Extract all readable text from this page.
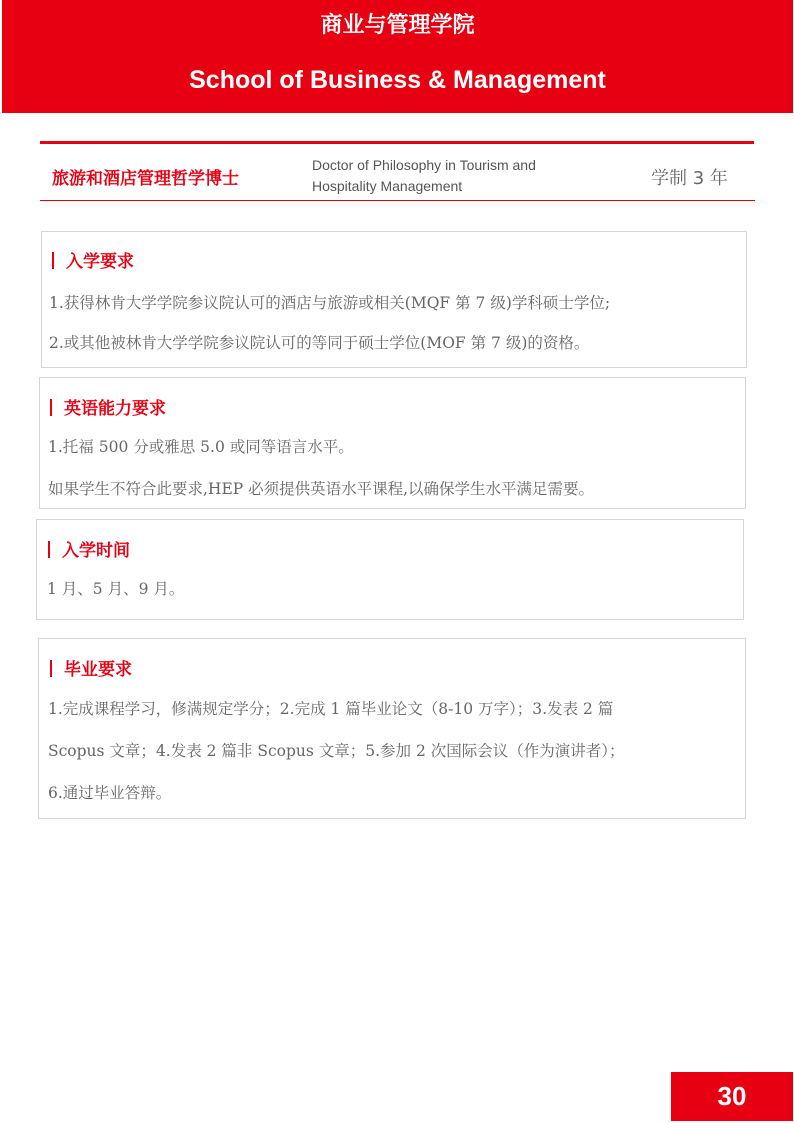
商业与管理学院
School of Business & Management
旅游和酒店管理哲学博士
Doctor of Philosophy in Tourism and
Hospitality Management	学制 3 年
入学要求
1.获得林肯大学学院参议院认可的酒店与旅游或相关(MQF 第 7 级)学科硕士学位;
2.或其他被林肯大学学院参议院认可的等同于硕士学位(MOF 第 7 级)的资格。
英语能力要求
1.托福 500 分或雅思 5.0 或同等语言水平。
如果学生不符合此要求,HEP 必须提供英语水平课程,以确保学生水平满足需要。
入学时间
1 月、5 月、9 月。
毕业要求
1.完成课程学习，修满规定学分；2.完成 1 篇毕业论文（8-10 万字）；3.发表 2 篇
Scopus 文章；4.发表 2 篇非 Scopus 文章；5.参加 2 次国际会议（作为演讲者）；
6.通过毕业答辩。
30
